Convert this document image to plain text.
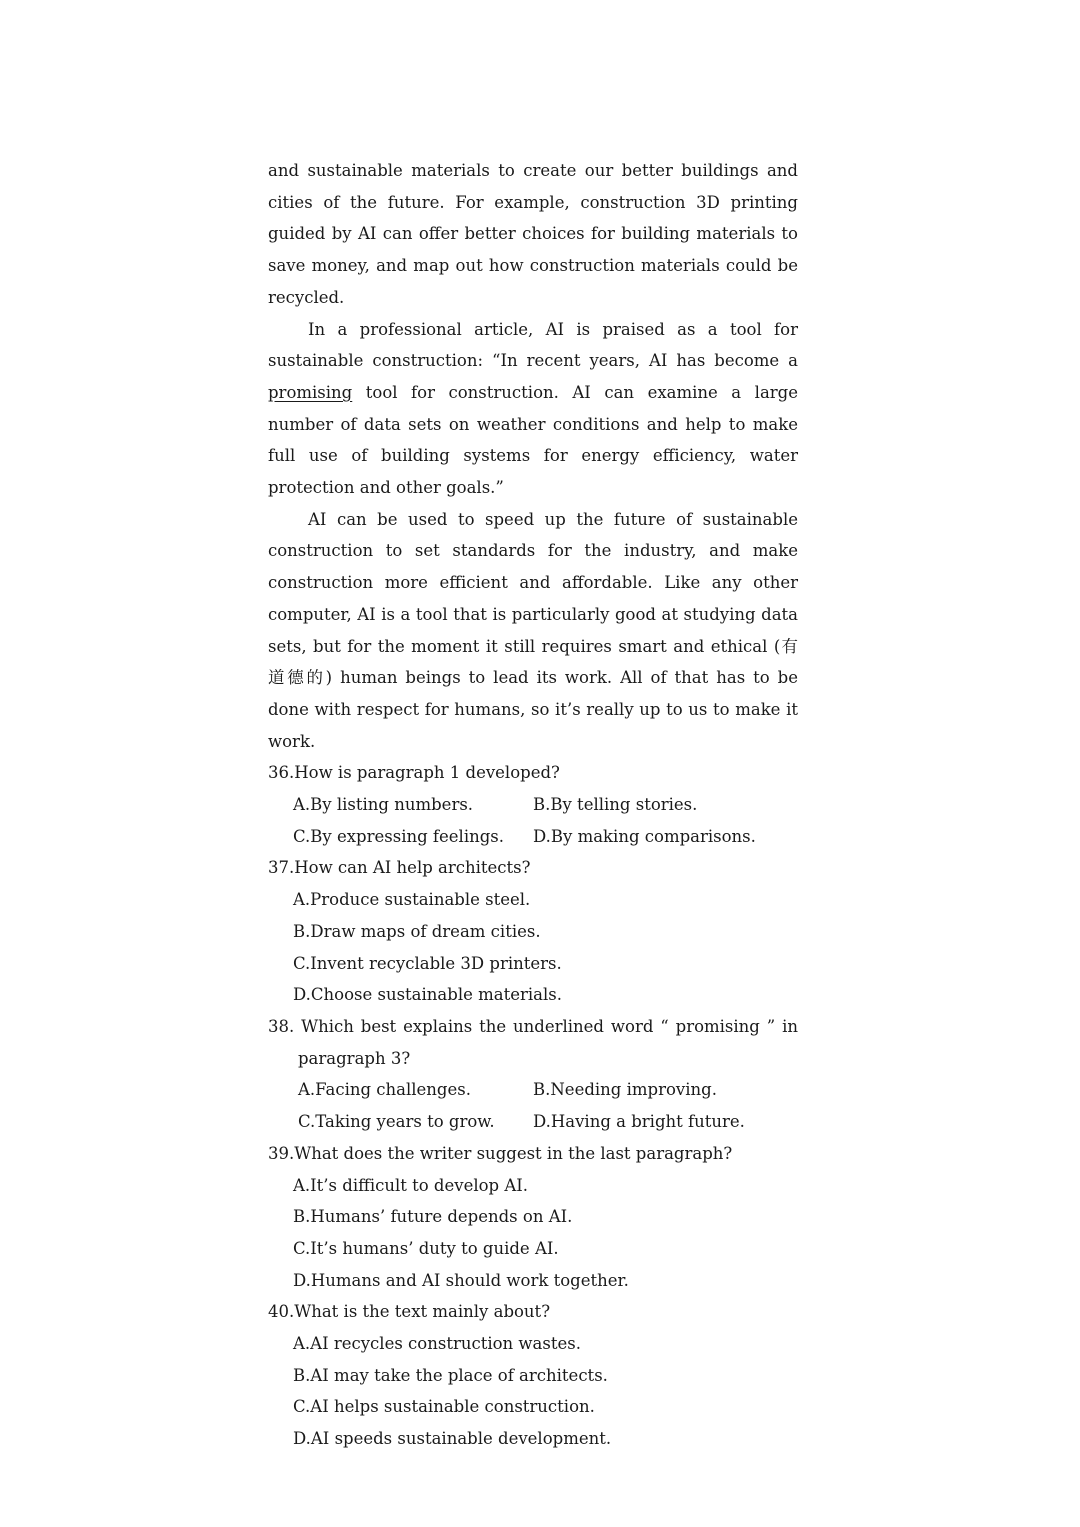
and sustainable materials to create our better buildings and cities of the future. For example, construction 3D printing guided by AI can offer better choices for building materials to save money, and map out how construction materials could be recycled.

In a professional article, AI is praised as a tool for sustainable construction: “In recent years, AI has become a promising tool for construction. AI can examine a large number of data sets on weather conditions and help to make full use of building systems for energy efficiency, water protection and other goals.”

AI can be used to speed up the future of sustainable construction to set standards for the industry, and make construction more efficient and affordable. Like any other computer, AI is a tool that is particularly good at studying data sets, but for the moment it still requires smart and ethical (有道德的) human beings to lead its work. All of that has to be done with respect for humans, so it’s really up to us to make it work.

36.How is paragraph 1 developed?

A.By listing numbers.	B.By telling stories.
C.By expressing feelings.	D.By making comparisons.

37.How can AI help architects?

A.Produce sustainable steel.

B.Draw maps of dream cities.

C.Invent recyclable 3D printers.

D.Choose sustainable materials.

38. Which best explains the underlined word “ promising ” in

paragraph 3?

A.Facing challenges.	B.Needing improving.
C.Taking years to grow.	D.Having a bright future.

39.What does the writer suggest in the last paragraph?

A.It’s difficult to develop AI.

B.Humans’ future depends on AI.

C.It’s humans’ duty to guide AI.

D.Humans and AI should work together.

40.What is the text mainly about?

A.AI recycles construction wastes.

B.AI may take the place of architects.

C.AI helps sustainable construction.

D.AI speeds sustainable development.
